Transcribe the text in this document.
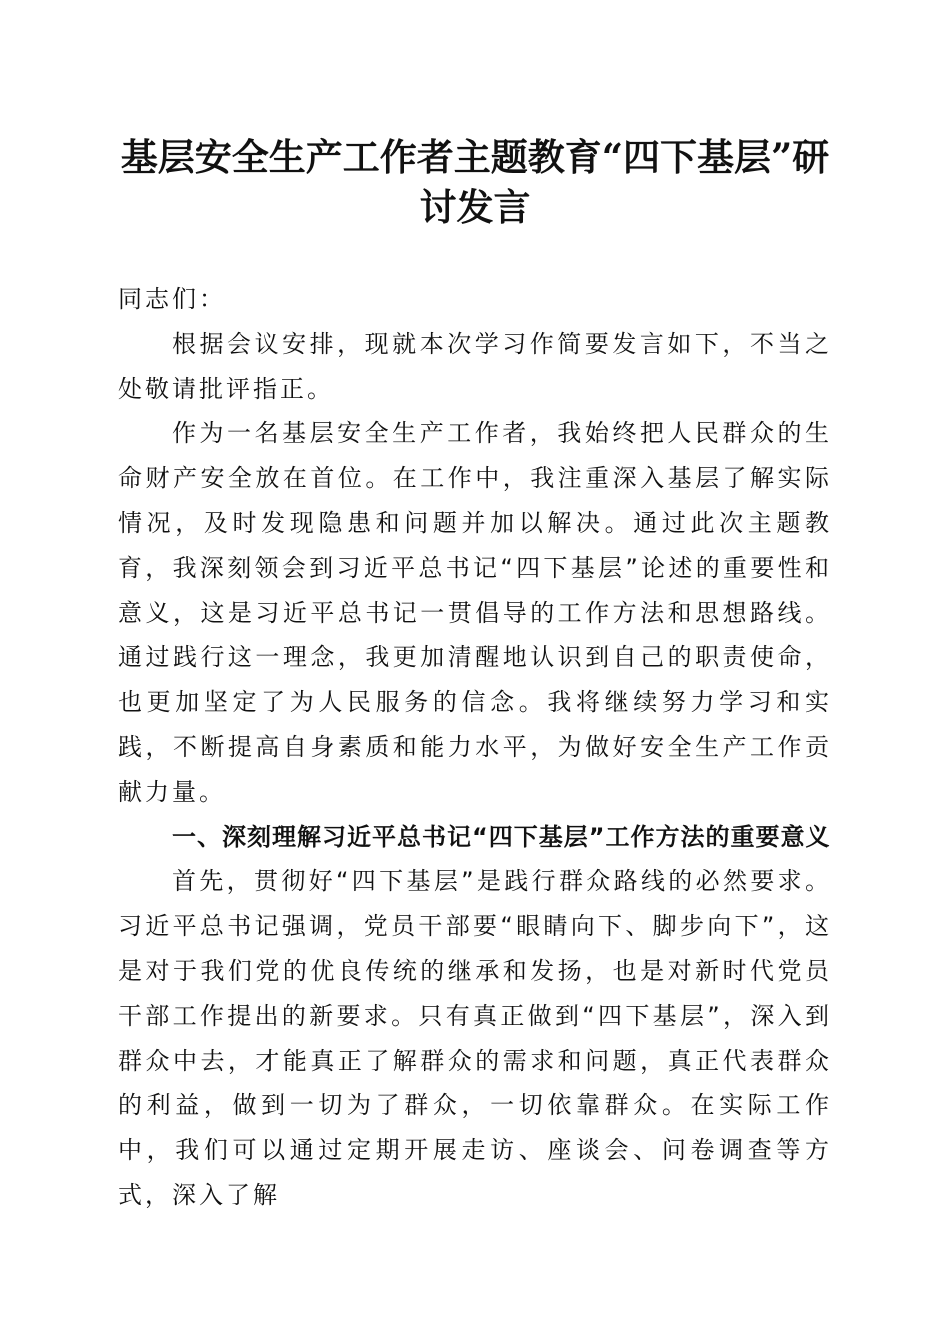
基层安全生产工作者主题教育“四下基层”研讨发言

同志们：

根据会议安排，现就本次学习作简要发言如下，不当之处敬请批评指正。

作为一名基层安全生产工作者，我始终把人民群众的生命财产安全放在首位。在工作中，我注重深入基层了解实际情况，及时发现隐患和问题并加以解决。通过此次主题教育，我深刻领会到习近平总书记“四下基层”论述的重要性和意义，这是习近平总书记一贯倡导的工作方法和思想路线。通过践行这一理念，我更加清醒地认识到自己的职责使命，也更加坚定了为人民服务的信念。我将继续努力学习和实践，不断提高自身素质和能力水平，为做好安全生产工作贡献力量。

一、深刻理解习近平总书记“四下基层”工作方法的重要意义

首先，贯彻好“四下基层”是践行群众路线的必然要求。习近平总书记强调，党员干部要“眼睛向下、脚步向下”，这是对于我们党的优良传统的继承和发扬，也是对新时代党员干部工作提出的新要求。只有真正做到“四下基层”，深入到群众中去，才能真正了解群众的需求和问题，真正代表群众的利益，做到一切为了群众，一切依靠群众。在实际工作中，我们可以通过定期开展走访、座谈会、问卷调查等方式，深入了解
